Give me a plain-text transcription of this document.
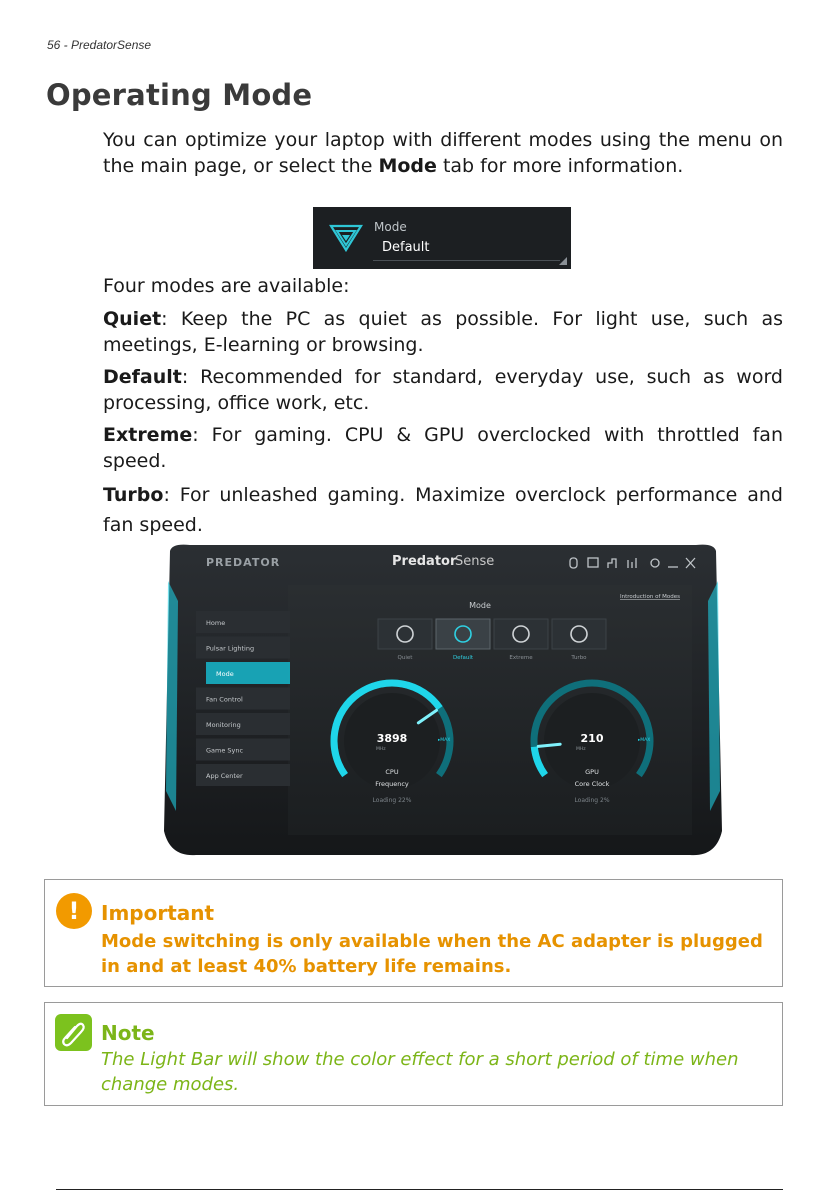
56 - PredatorSense
Operating Mode
You can optimize your laptop with different modes using the menu on the main page, or select the Mode tab for more information.
Mode
Default
Four modes are available:
Quiet: Keep the PC as quiet as possible. For light use, such as meetings, E-learning or browsing.
Default: Recommended for standard, everyday use, such as word processing, office work, etc.
Extreme: For gaming. CPU & GPU overclocked with throttled fan speed.
Turbo: For unleashed gaming. Maximize overclock performance and fan speed.
PREDATOR	Predator
Sense
Mode
Introduction of Modes
Home
Pulsar Lighting
Mode
Fan Control
Monitoring
Game Sync
App Center
Quiet	Default	Extreme	Turbo
3898
MHz
▸MAX
CPU
Frequency
Loading 22%
210
MHz
▸MAX
GPU
Core Clock
Loading 2%
!	Important
Mode switching is only available when the AC adapter is plugged in and at least 40% battery life remains.
Note
The Light Bar will show the color effect for a short period of time when change modes.
